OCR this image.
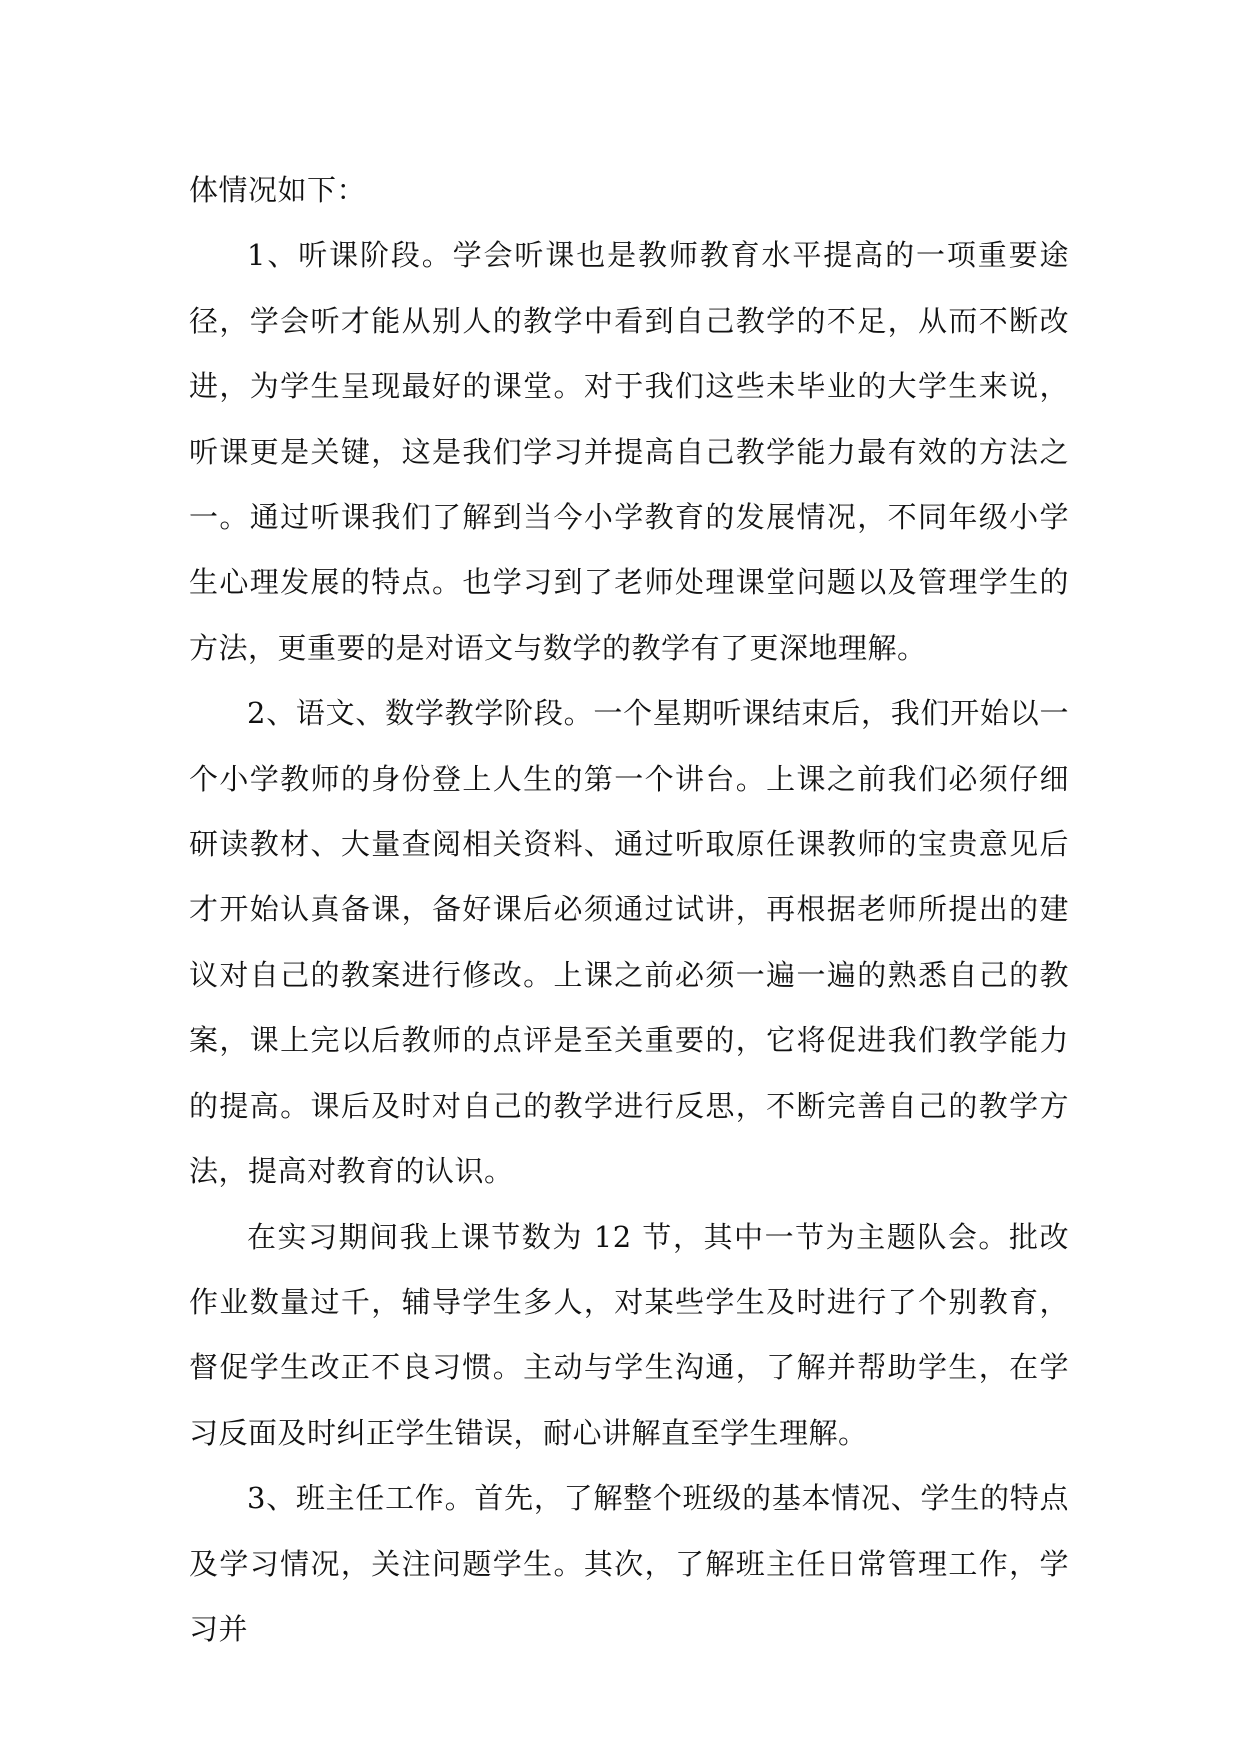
体情况如下：

1、听课阶段。学会听课也是教师教育水平提高的一项重要途径，学会听才能从别人的教学中看到自己教学的不足，从而不断改进，为学生呈现最好的课堂。对于我们这些未毕业的大学生来说，听课更是关键，这是我们学习并提高自己教学能力最有效的方法之一。通过听课我们了解到当今小学教育的发展情况，不同年级小学生心理发展的特点。也学习到了老师处理课堂问题以及管理学生的方法，更重要的是对语文与数学的教学有了更深地理解。

2、语文、数学教学阶段。一个星期听课结束后，我们开始以一个小学教师的身份登上人生的第一个讲台。上课之前我们必须仔细研读教材、大量查阅相关资料、通过听取原任课教师的宝贵意见后才开始认真备课，备好课后必须通过试讲，再根据老师所提出的建议对自己的教案进行修改。上课之前必须一遍一遍的熟悉自己的教案，课上完以后教师的点评是至关重要的，它将促进我们教学能力的提高。课后及时对自己的教学进行反思，不断完善自己的教学方法，提高对教育的认识。

在实习期间我上课节数为 12 节，其中一节为主题队会。批改作业数量过千，辅导学生多人，对某些学生及时进行了个别教育，督促学生改正不良习惯。主动与学生沟通，了解并帮助学生，在学习反面及时纠正学生错误，耐心讲解直至学生理解。

3、班主任工作。首先，了解整个班级的基本情况、学生的特点及学习情况，关注问题学生。其次，了解班主任日常管理工作，学习并
